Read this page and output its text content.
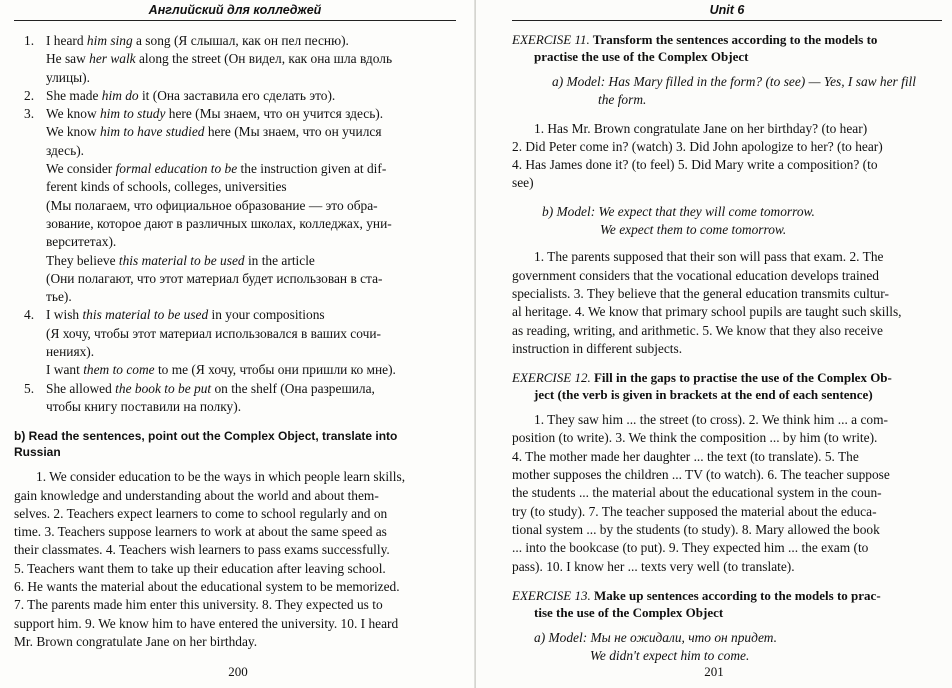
Английский для колледжей
1. I heard him sing a song (Я слышал, как он пел песню).
He saw her walk along the street (Он видел, как она шла вдоль
улицы).
2. She made him do it (Она заставила его сделать это).
3. We know him to study here (Мы знаем, что он учится здесь).
We know him to have studied here (Мы знаем, что он учился
здесь).
We consider formal education to be the instruction given at dif-
ferent kinds of schools, colleges, universities
(Мы полагаем, что официальное образование — это обра-
зование, которое дают в различных школах, колледжах, уни-
верситетах).
They believe this material to be used in the article
(Они полагают, что этот материал будет использован в ста-
тье).
4. I wish this material to be used in your compositions
(Я хочу, чтобы этот материал использовался в ваших сочи-
нениях).
I want them to come to me (Я хочу, чтобы они пришли ко мне).
5. She allowed the book to be put on the shelf (Она разрешила,
чтобы книгу поставили на полку).
b) Read the sentences, point out the Complex Object, translate into
Russian
1. We consider education to be the ways in which people learn skills,
gain knowledge and understanding about the world and about them-
selves. 2. Teachers expect learners to come to school regularly and on
time. 3. Teachers suppose learners to work at about the same speed as
their classmates. 4. Teachers wish learners to pass exams successfully.
5. Teachers want them to take up their education after leaving school.
6. He wants the material about the educational system to be memorized.
7. The parents made him enter this university. 8. They expected us to
support him. 9. We know him to have entered the university. 10. I heard
Mr. Brown congratulate Jane on her birthday.
200
Unit 6
EXERCISE 11. Transform the sentences according to the models to
practise the use of the Complex Object
a) Model: Has Mary filled in the form? (to see) — Yes, I saw her fill
the form.
1. Has Mr. Brown congratulate Jane on her birthday? (to hear)
2. Did Peter come in? (watch) 3. Did John apologize to her? (to hear)
4. Has James done it? (to feel) 5. Did Mary write a composition? (to
see)
b) Model: We expect that they will come tomorrow.
We expect them to come tomorrow.
1. The parents supposed that their son will pass that exam. 2. The
government considers that the vocational education develops trained
specialists. 3. They believe that the general education transmits cultur-
al heritage. 4. We know that primary school pupils are taught such skills,
as reading, writing, and arithmetic. 5. We know that they also receive
instruction in different subjects.
EXERCISE 12. Fill in the gaps to practise the use of the Complex Ob-
ject (the verb is given in brackets at the end of each sentence)
1. They saw him ... the street (to cross). 2. We think him ... a com-
position (to write). 3. We think the composition ... by him (to write).
4. The mother made her daughter ... the text (to translate). 5. The
mother supposes the children ... TV (to watch). 6. The teacher suppose
the students ... the material about the educational system in the coun-
try (to study). 7. The teacher supposed the material about the educa-
tional system ... by the students (to study). 8. Mary allowed the book
... into the bookcase (to put). 9. They expected him ... the exam (to
pass). 10. I know her ... texts very well (to translate).
EXERCISE 13. Make up sentences according to the models to prac-
tise the use of the Complex Object
a) Model: Мы не ожидали, что он придет.
We didn't expect him to come.
201
